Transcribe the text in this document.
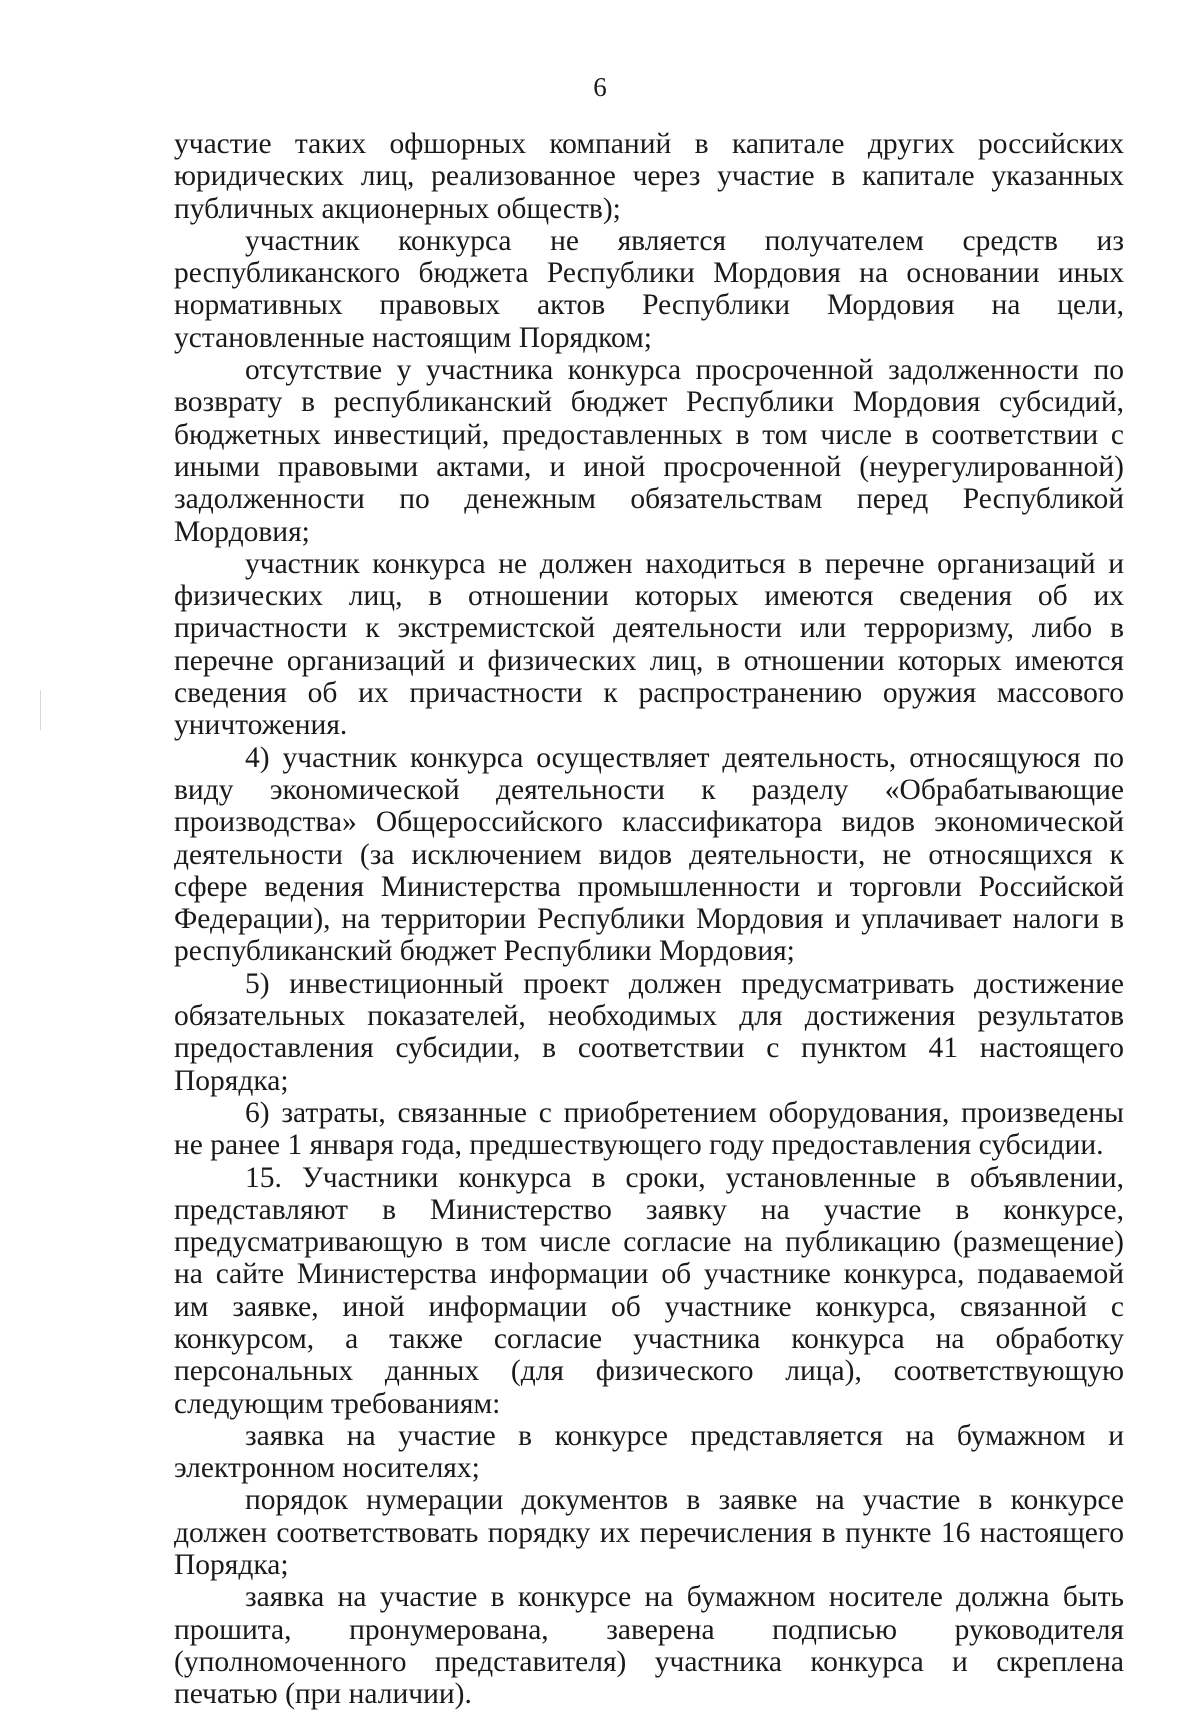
6

участие таких офшорных компаний в капитале других российских юридических лиц, реализованное через участие в капитале указанных публичных акционерных обществ);

участник конкурса не является получателем средств из республиканского бюджета Республики Мордовия на основании иных нормативных правовых актов Республики Мордовия на цели, установленные настоящим Порядком;

отсутствие у участника конкурса просроченной задолженности по возврату в республиканский бюджет Республики Мордовия субсидий, бюджетных инвестиций, предоставленных в том числе в соответствии с иными правовыми актами, и иной просроченной (неурегулированной) задолженности по денежным обязательствам перед Республикой Мордовия;

участник конкурса не должен находиться в перечне организаций и физических лиц, в отношении которых имеются сведения об их причастности к экстремистской деятельности или терроризму, либо в перечне организаций и физических лиц, в отношении которых имеются сведения об их причастности к распространению оружия массового уничтожения.

4) участник конкурса осуществляет деятельность, относящуюся по виду экономической деятельности к разделу «Обрабатывающие производства» Общероссийского классификатора видов экономической деятельности (за исключением видов деятельности, не относящихся к сфере ведения Министерства промышленности и торговли Российской Федерации), на территории Республики Мордовия и уплачивает налоги в республиканский бюджет Республики Мордовия;

5) инвестиционный проект должен предусматривать достижение обязательных показателей, необходимых для достижения результатов предоставления субсидии, в соответствии с пунктом 41 настоящего Порядка;

6) затраты, связанные с приобретением оборудования, произведены не ранее 1 января года, предшествующего году предоставления субсидии.

15. Участники конкурса в сроки, установленные в объявлении, представляют в Министерство заявку на участие в конкурсе, предусматривающую в том числе согласие на публикацию (размещение) на сайте Министерства информации об участнике конкурса, подаваемой им заявке, иной информации об участнике конкурса, связанной с конкурсом, а также согласие участника конкурса на обработку персональных данных (для физического лица), соответствующую следующим требованиям:

заявка на участие в конкурсе представляется на бумажном и электронном носителях;

порядок нумерации документов в заявке на участие в конкурсе должен соответствовать порядку их перечисления в пункте 16 настоящего Порядка;

заявка на участие в конкурсе на бумажном носителе должна быть прошита, пронумерована, заверена подписью руководителя (уполномоченного представителя) участника конкурса и скреплена печатью (при наличии).
